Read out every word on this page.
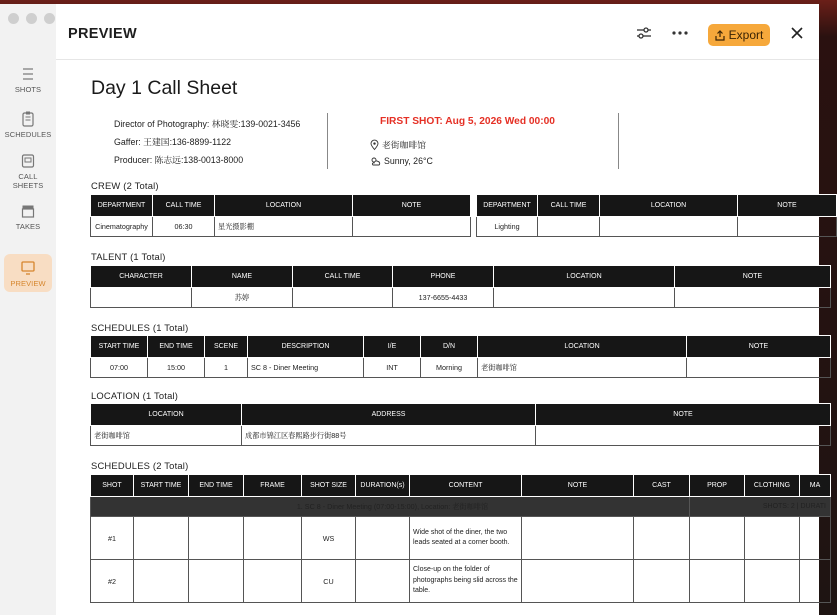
SHOTS
SCHEDULES
CALL
SHEETS
TAKES
PREVIEW
PREVIEW	Export
Day 1 Call Sheet
Director of Photography: 林晓雯:139-0021-3456
Gaffer: 王建国:136-8899-1122
Producer: 陈志远:138-0013-8000
FIRST SHOT: Aug 5, 2026 Wed 00:00
老街咖啡馆
Sunny, 26°C
CREW (2 Total)
DEPARTMENT	CALL TIME	LOCATION	NOTE
Cinematography	06:30	星光摄影棚	
DEPARTMENT	CALL TIME	LOCATION	NOTE
Lighting			
TALENT (1 Total)
CHARACTER	NAME	CALL TIME	PHONE	LOCATION	NOTE
	苏婷		137-6655-4433		
SCHEDULES (1 Total)
START TIME	END TIME	SCENE	DESCRIPTION	I/E	D/N	LOCATION	NOTE
07:00	15:00	1	SC 8 - Diner Meeting	INT	Morning	老街咖啡馆	
LOCATION (1 Total)
LOCATION	ADDRESS	NOTE
老街咖啡馆	成都市锦江区春熙路步行街88号	
SCHEDULES (2 Total)
SHOT	START TIME	END TIME	FRAME	SHOT SIZE	DURATION(s)	CONTENT	NOTE	CAST	PROP	CLOTHING	MA
1. SC 8 - Diner Meeting (07:00-15:00), Location: 老街咖啡馆									SHOTS: 2 | DURATI		
#1				WS		Wide shot of the diner, the two leads seated at a corner booth.					
#2				CU		Close-up on the folder of photographs being slid across the table.					
